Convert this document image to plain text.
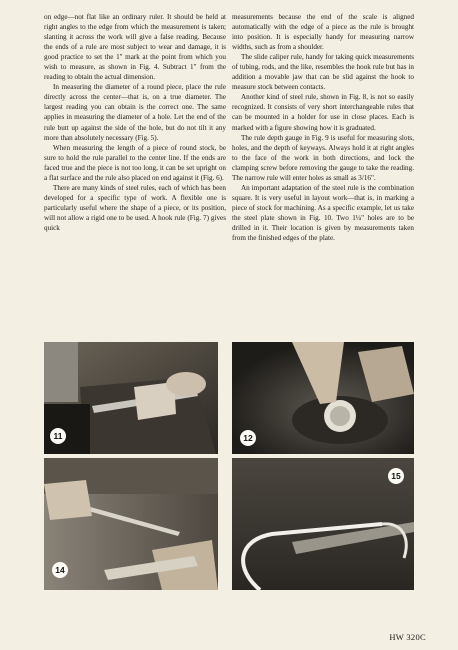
on edge—not flat like an ordinary ruler. It should be held at right angles to the edge from which the measurement is taken; slanting it across the work will give a false reading. Because the ends of a rule are most subject to wear and damage, it is good practice to set the 1" mark at the point from which you wish to measure, as shown in Fig. 4. Subtract 1" from the reading to obtain the actual dimension.

In measuring the diameter of a round piece, place the rule directly across the center—that is, on a true diameter. The largest reading you can obtain is the correct one. The same applies in measuring the diameter of a hole. Let the end of the rule butt up against the side of the hole, but do not tilt it any more than absolutely necessary (Fig. 5).

When measuring the length of a piece of round stock, be sure to hold the rule parallel to the center line. If the ends are faced true and the piece is not too long, it can be set upright on a flat surface and the rule also placed on end against it (Fig. 6).

There are many kinds of steel rules, each of which has been developed for a specific type of work. A flexible one is particularly useful where the shape of a piece, or its position, will not allow a rigid one to be used. A hook rule (Fig. 7) gives quick

measurements because the end of the scale is aligned automatically with the edge of a piece as the rule is brought into position. It is especially handy for measuring narrow widths, such as from a shoulder.

The slide caliper rule, handy for taking quick measurements of tubing, rods, and the like, resembles the hook rule but has in addition a movable jaw that can be slid against the hook to measure stock between contacts.

Another kind of steel rule, shown in Fig. 8, is not so easily recognized. It consists of very short interchangeable rules that can be mounted in a holder for use in close places. Each is marked with a figure showing how it is graduated.

The rule depth gauge in Fig. 9 is useful for measuring slots, holes, and the depth of keyways. Always hold it at right angles to the face of the work in both directions, and lock the clamping screw before removing the gauge to take the reading. The narrow rule will enter holes as small as 3/16".

An important adaptation of the steel rule is the combination square. It is very useful in layout work—that is, in marking a piece of stock for machining. As a specific example, let us take the steel plate shown in Fig. 10. Two 1¼" holes are to be drilled in it. Their location is given by measurements taken from the finished edges of the plate.

11	12
14
15
HW 320C
